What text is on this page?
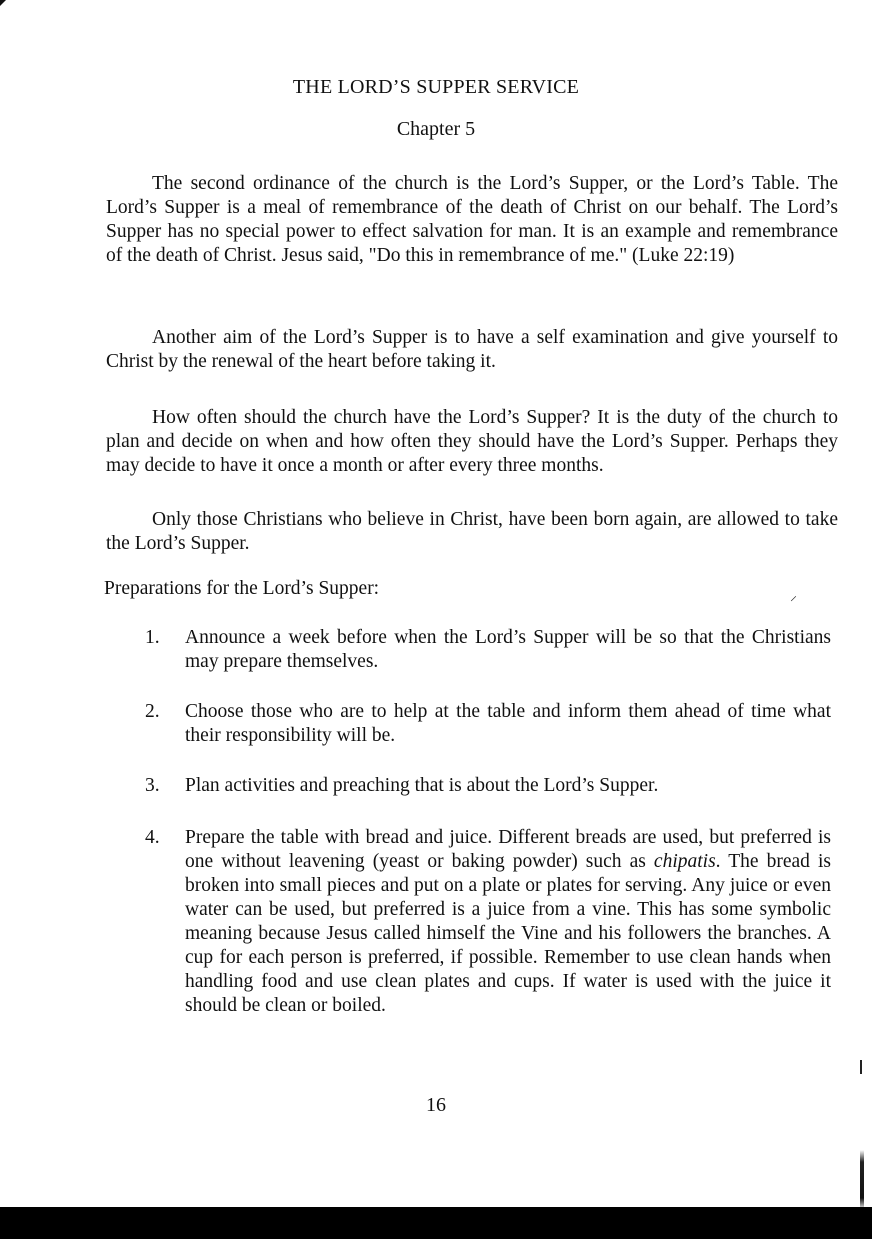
THE LORD’S SUPPER SERVICE
Chapter 5

The second ordinance of the church is the Lord’s Supper, or the Lord’s Table. The Lord’s Supper is a meal of remembrance of the death of Christ on our behalf. The Lord’s Supper has no special power to effect salvation for man. It is an example and remembrance of the death of Christ. Jesus said, "Do this in remembrance of me." (Luke 22:19)

Another aim of the Lord’s Supper is to have a self examination and give yourself to Christ by the renewal of the heart before taking it.

How often should the church have the Lord’s Supper? It is the duty of the church to plan and decide on when and how often they should have the Lord’s Supper. Perhaps they may decide to have it once a month or after every three months.

Only those Christians who believe in Christ, have been born again, are allowed to take the Lord’s Supper.

Preparations for the Lord’s Supper:

⸍
1.	Announce a week before when the Lord’s Supper will be so that the Christians may prepare themselves.
2.	Choose those who are to help at the table and inform them ahead of time what their responsibility will be.
3.	Plan activities and preaching that is about the Lord’s Supper.
4.	Prepare the table with bread and juice. Different breads are used, but preferred is one without leavening (yeast or baking powder) such as chipatis. The bread is broken into small pieces and put on a plate or plates for serving. Any juice or even water can be used, but preferred is a juice from a vine. This has some symbolic meaning because Jesus called himself the Vine and his followers the branches. A cup for each person is preferred, if possible. Remember to use clean hands when handling food and use clean plates and cups. If water is used with the juice it should be clean or boiled.
16
